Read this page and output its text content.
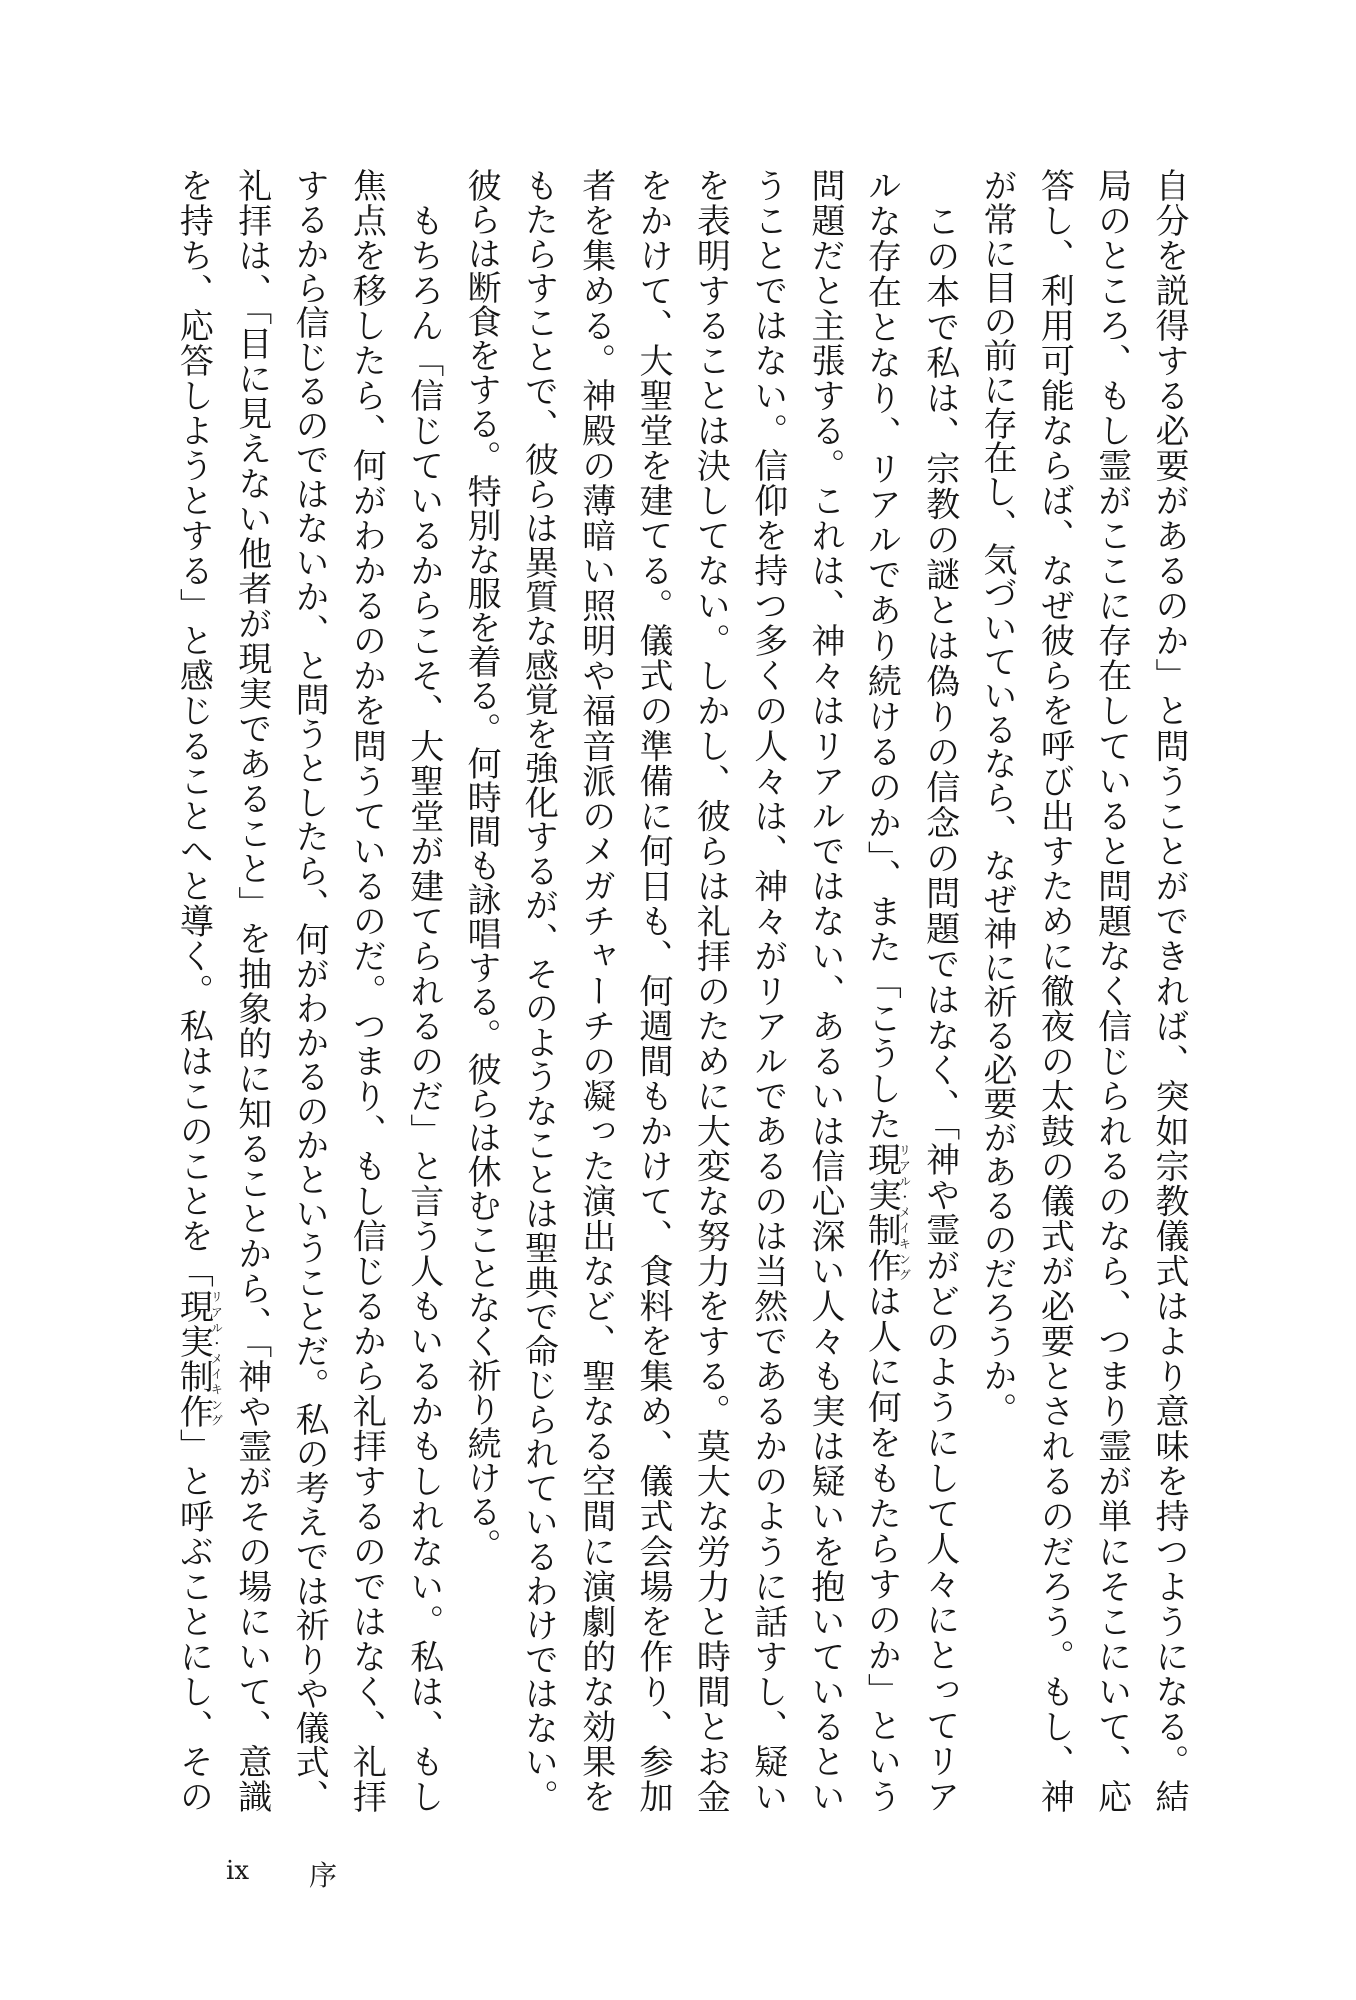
自分を説得する必要があるのか」と問うことができれば、突如宗教儀式はより意味を持つようになる。結
局のところ、もし霊がここに存在していると問題なく信じられるのなら、つまり霊が単にそこにいて、応
答し、利用可能ならば、なぜ彼らを呼び出すために徹夜の太鼓の儀式が必要とされるのだろう。もし、神
が常に目の前に存在し、気づいているなら、なぜ神に祈る必要があるのだろうか。
　この本で私は、宗教の謎とは偽りの信念の問題ではなく、「神や霊がどのようにして人々にとってリア
ルな存在となり、リアルであり続けるのか」、また「こうした現実制作リアル・メイキングは人に何をもたらすのか」という
問題だと主張する。これは、神々はリアルではない、あるいは信心深い人々も実は疑いを抱いているとい
うことではない。信仰を持つ多くの人々は、神々がリアルであるのは当然であるかのように話すし、疑い
を表明することは決してない。しかし、彼らは礼拝のために大変な努力をする。莫大な労力と時間とお金
をかけて、大聖堂を建てる。儀式の準備に何日も、何週間もかけて、食料を集め、儀式会場を作り、参加
者を集める。神殿の薄暗い照明や福音派のメガチャーチの凝った演出など、聖なる空間に演劇的な効果を
もたらすことで、彼らは異質な感覚を強化するが、そのようなことは聖典で命じられているわけではない。
彼らは断食をする。特別な服を着る。何時間も詠唱する。彼らは休むことなく祈り続ける。
　もちろん「信じているからこそ、大聖堂が建てられるのだ」と言う人もいるかもしれない。私は、もし
焦点を移したら、何がわかるのかを問うているのだ。つまり、もし信じるから礼拝するのではなく、礼拝
するから信じるのではないか、と問うとしたら、何がわかるのかということだ。私の考えでは祈りや儀式、
礼拝は、「目に見えない他者が現実であること」を抽象的に知ることから、「神や霊がその場にいて、意識
を持ち、応答しようとする」と感じることへと導く。私はこのことを「現実制作リアル・メイキング」と呼ぶことにし、その
ix 序
